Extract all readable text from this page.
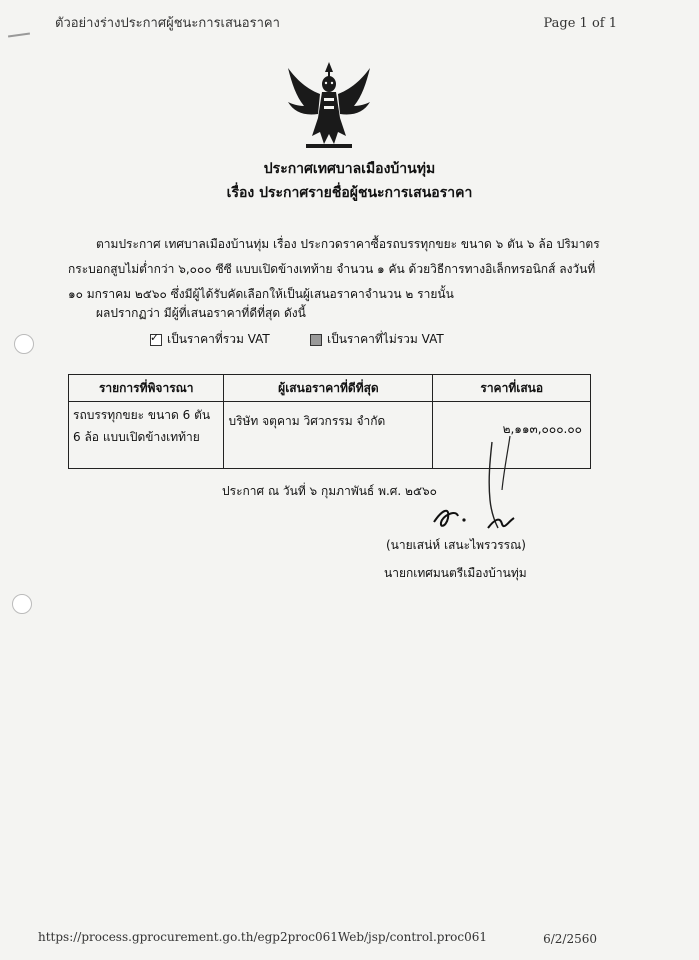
ตัวอย่างร่างประกาศผู้ชนะการเสนอราคา	Page 1 of 1
ประกาศเทศบาลเมืองบ้านทุ่ม
เรื่อง ประกาศรายชื่อผู้ชนะการเสนอราคา
ตามประกาศ เทศบาลเมืองบ้านทุ่ม เรื่อง ประกวดราคาซื้อรถบรรทุกขยะ ขนาด ๖ ตัน ๖ ล้อ ปริมาตรกระบอกสูบไม่ต่ำกว่า ๖,๐๐๐ ซีซี แบบเปิดข้างเทท้าย จำนวน ๑ คัน ด้วยวิธีการทางอิเล็กทรอนิกส์ ลงวันที่ ๑๐ มกราคม ๒๕๖๐ ซึ่งมีผู้ได้รับคัดเลือกให้เป็นผู้เสนอราคาจำนวน ๒ รายนั้น
ผลปรากฏว่า มีผู้ที่เสนอราคาที่ดีที่สุด ดังนี้
✓
เป็นราคาที่รวม VAT	เป็นราคาที่ไม่รวม VAT
รายการที่พิจารณา	ผู้เสนอราคาที่ดีที่สุด	ราคาที่เสนอ
รถบรรทุกขยะ ขนาด 6 ตัน 6 ล้อ แบบเปิดข้างเทท้าย	บริษัท จตุคาม วิศวกรรม จำกัด	๒,๑๑๓,๐๐๐.๐๐
ประกาศ ณ วันที่ ๖ กุมภาพันธ์ พ.ศ. ๒๕๖๐
(นายเสน่ห์ เสนะไพรวรรณ)
นายกเทศมนตรีเมืองบ้านทุ่ม
https://process.gprocurement.go.th/egp2proc061Web/jsp/control.proc061	6/2/2560
